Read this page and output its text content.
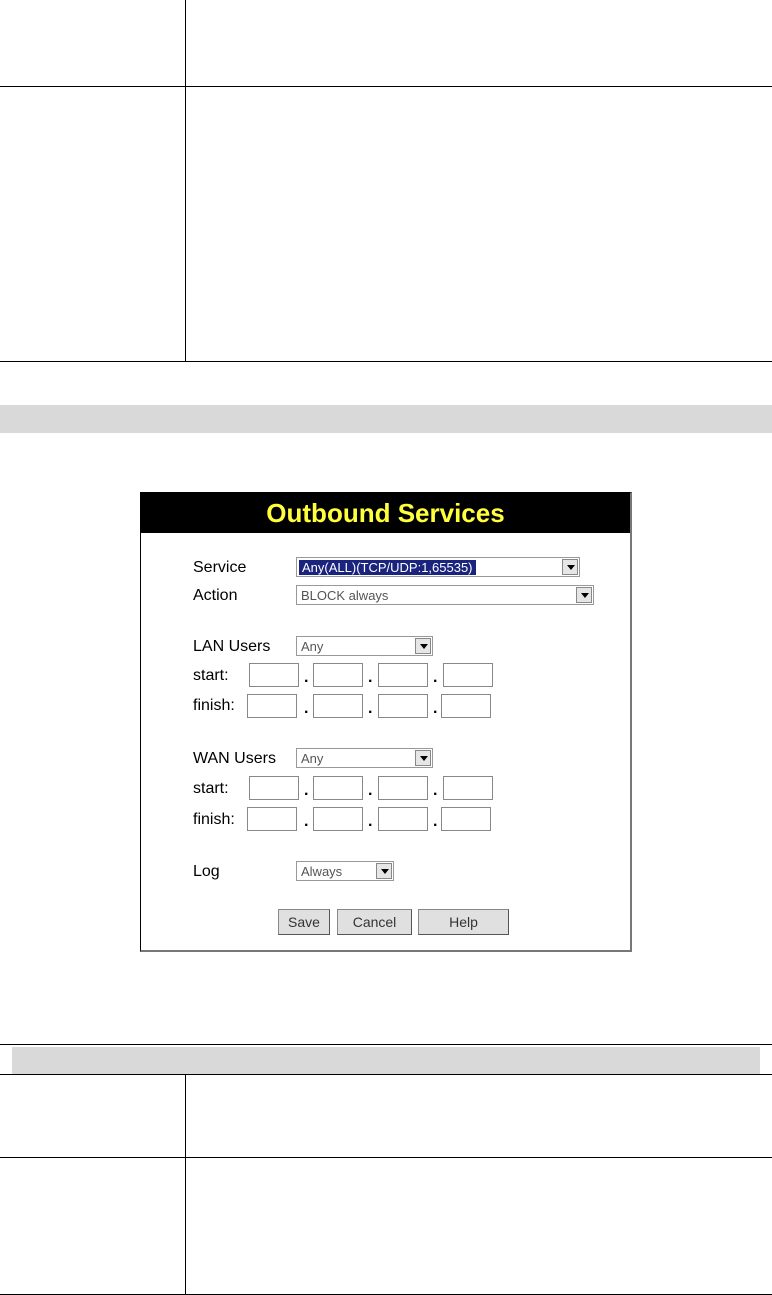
Outbound Services
Service	Any(ALL)(TCP/UDP:1,65535)
Action	BLOCK always
LAN Users Any
start:	.	.	.
finish:	.	.	.
WAN Users Any
start:	.	.	.
finish:	.	.	.
Log	Always
Save	Cancel	Help
